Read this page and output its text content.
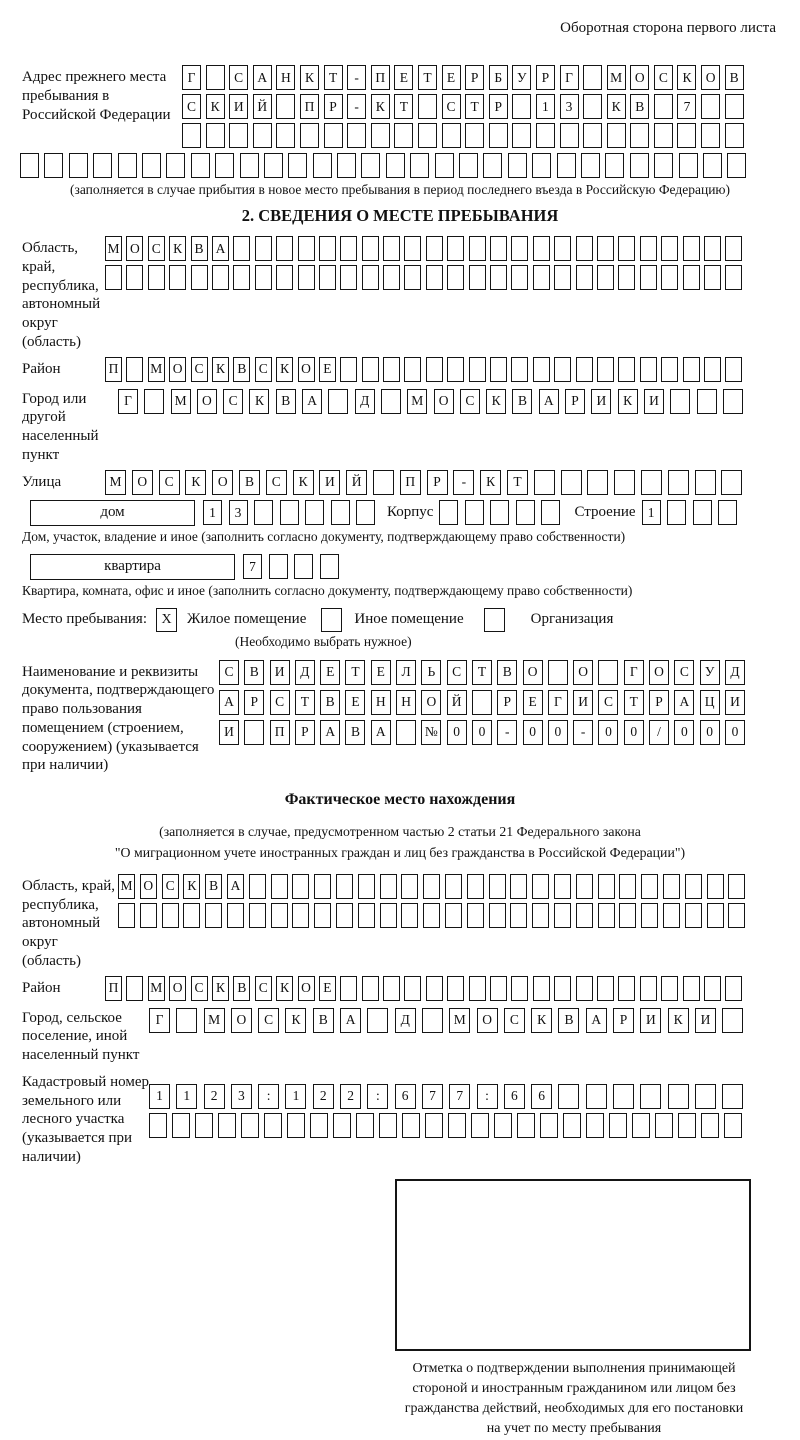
Оборотная сторона первого листа
Адрес прежнего места пребывания в Российской Федерации
Г	С	А	Н	К	Т	-	П	Е	Т	Е	Р	Б	У	Р	Г	М О	С	К	О	В
С	К	И	Й	П	Р	-	К	Т	С	Т	Р	1	3	К	В	7
(заполняется в случае прибытия в новое место пребывания в период последнего въезда в Российскую Федерацию)
2. СВЕДЕНИЯ О МЕСТЕ ПРЕБЫВАНИЯ
Область, край, республика, автономный округ (область)
М О С К В А
Район	П М О С К В С К О Е
Город или другой населенный пункт
Г	М	О	С	К	В	А	Д	М	О	С	К	В	А	Р	И	К	И
Улица	М	О	С	К	О	В	С	К	И	Й	П	Р	-	К	Т
дом	1	3	Корпус	Строение 1
Дом, участок, владение и иное (заполнить согласно документу, подтверждающему право собственности)
квартира	7
Квартира, комната, офис и иное (заполнить согласно документу, подтверждающему право собственности)
Место пребывания:	X	Жилое помещение	Иное помещение	Организация
(Необходимо выбрать нужное)
Наименование и реквизиты документа, подтверждающего право пользования помещением (строением, сооружением) (указывается при наличии)
С	В	И	Д	Е	Т	Е	Л	Ь	С	Т	В	О	О	Г	О	С	У	Д
А	Р	С	Т	В	Е	Н	Н	О	Й	Р	Е	Г	И	С	Т	Р	А	Ц	И
И	П	Р	А	В	А	№	0	0	-	0	0	-	0	0	/	0	0	0
Фактическое место нахождения
(заполняется в случае, предусмотренном частью 2 статьи 21 Федерального закона
"О миграционном учете иностранных граждан и лиц без гражданства в Российской Федерации")
Область, край, республика, автономный округ (область)
М О С К В А
Район	П М О С К В С К О Е
Город, сельское поселение, иной населенный пункт
Г	М	О	С	К	В	А	Д	М	О	С	К	В	А	Р	И	К	И
Кадастровый номер земельного или лесного участка (указывается при наличии)
1	1	2	3	:	1	2	2	:	6	7	7	:	6	6
Отметка о подтверждении выполнения принимающей
стороной и иностранным гражданином или лицом без
гражданства действий, необходимых для его постановки
на учет по месту пребывания
